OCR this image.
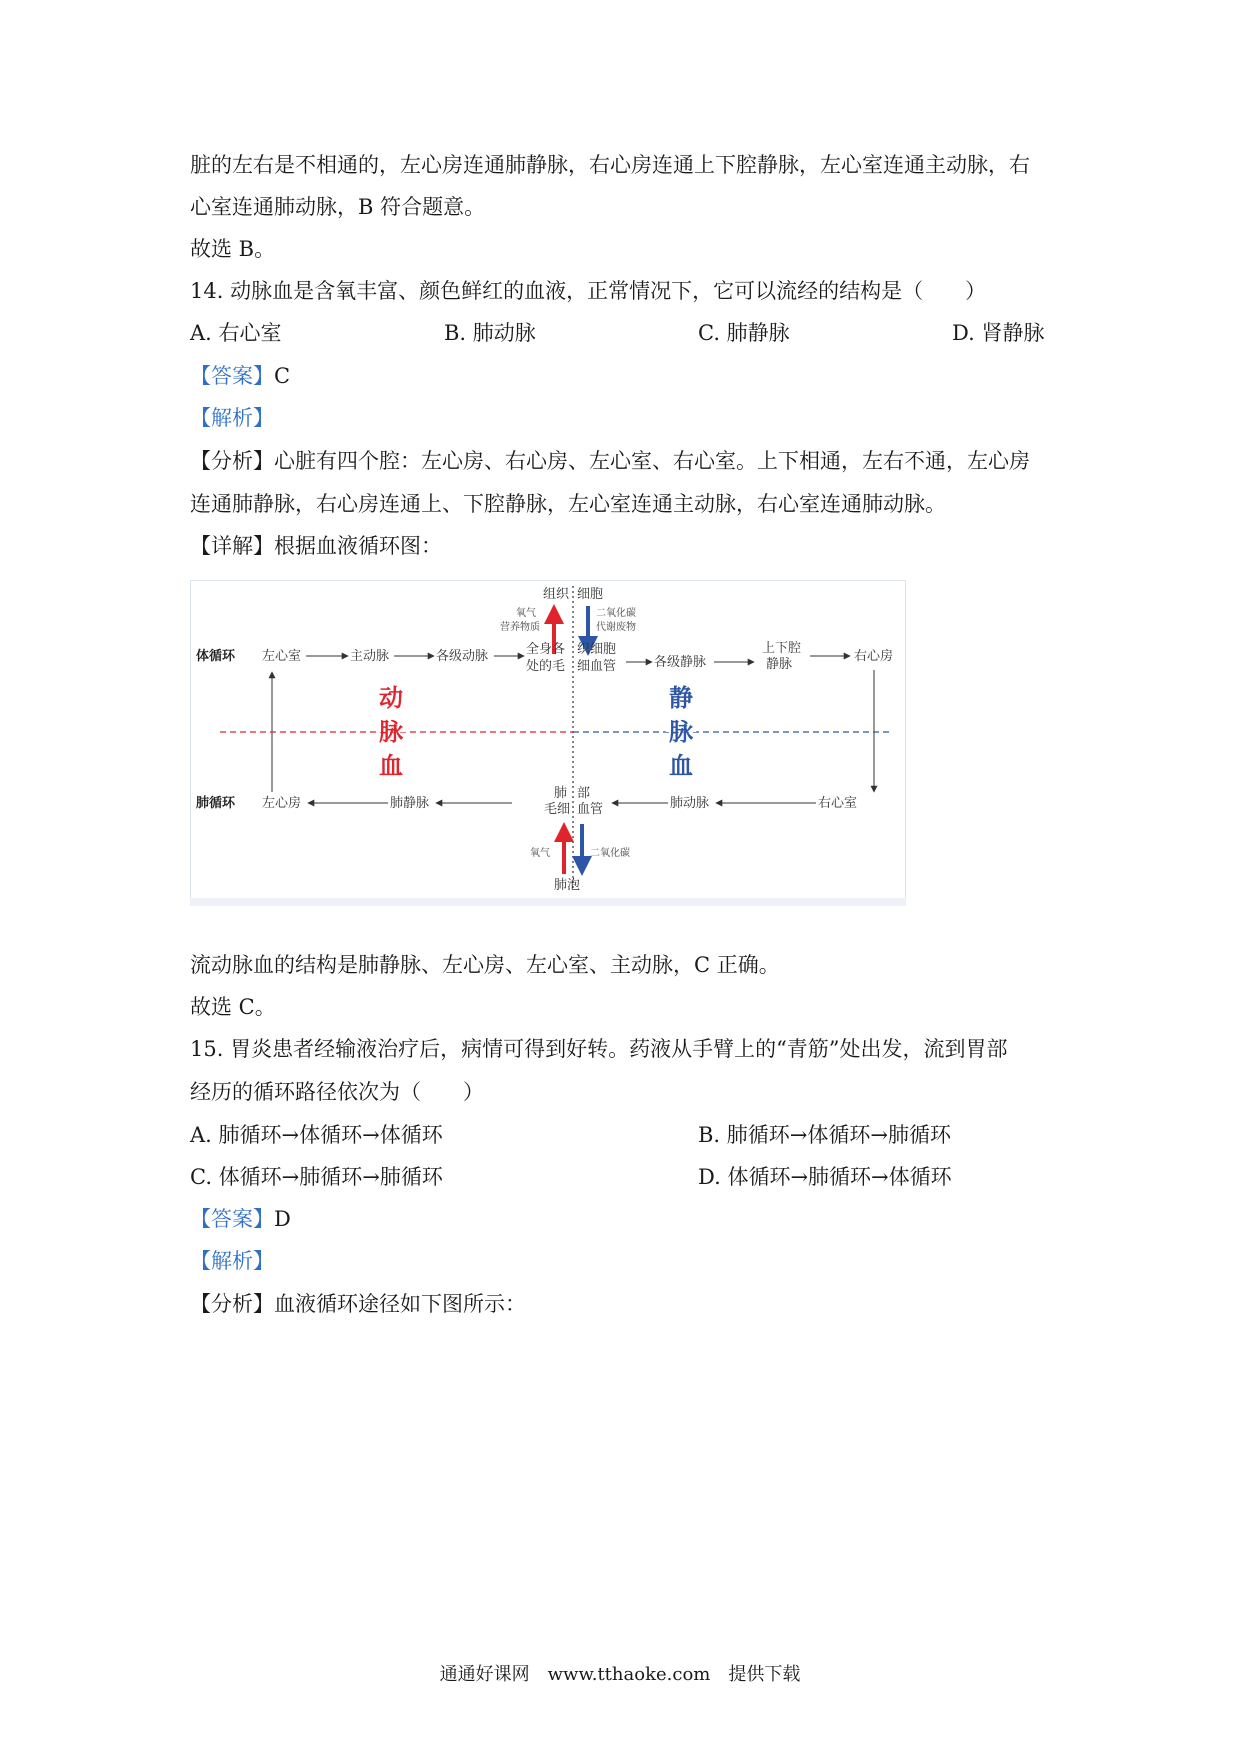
脏的左右是不相通的，左心房连通肺静脉，右心房连通上下腔静脉，左心室连通主动脉，右
心室连通肺动脉，B 符合题意。
故选 B。
14. 动脉血是含氧丰富、颜色鲜红的血液，正常情况下，它可以流经的结构是（　　）
A. 右心室	B. 肺动脉	C. 肺静脉	D. 肾静脉
【答案】C
【解析】
【分析】心脏有四个腔：左心房、右心房、左心室、右心室。上下相通，左右不通，左心房
连通肺静脉，右心房连通上、下腔静脉，左心室连通主动脉，右心室连通肺动脉。
【详解】根据血液循环图：
组织 细胞
氧气
营养物质
二氧化碳
代谢废物
体循环
肺循环
左心室	主动脉	各级动脉	全身各
处的毛
织细胞
细血管	各级静脉
上下腔
静脉
右心房
动
脉
血
静
脉
血
左心房	肺静脉
肺 部
毛细 血管	肺动脉	右心室
氧气	二氧化碳
肺泡
流动脉血的结构是肺静脉、左心房、左心室、主动脉，C 正确。
故选 C。
15. 胃炎患者经输液治疗后，病情可得到好转。药液从手臂上的“青筋”处出发，流到胃部
经历的循环路径依次为（　　）
A. 肺循环→体循环→体循环	B. 肺循环→体循环→肺循环
C. 体循环→肺循环→肺循环	D. 体循环→肺循环→体循环
【答案】D
【解析】
【分析】血液循环途径如下图所示：
通通好课网　www.tthaoke.com　提供下载
